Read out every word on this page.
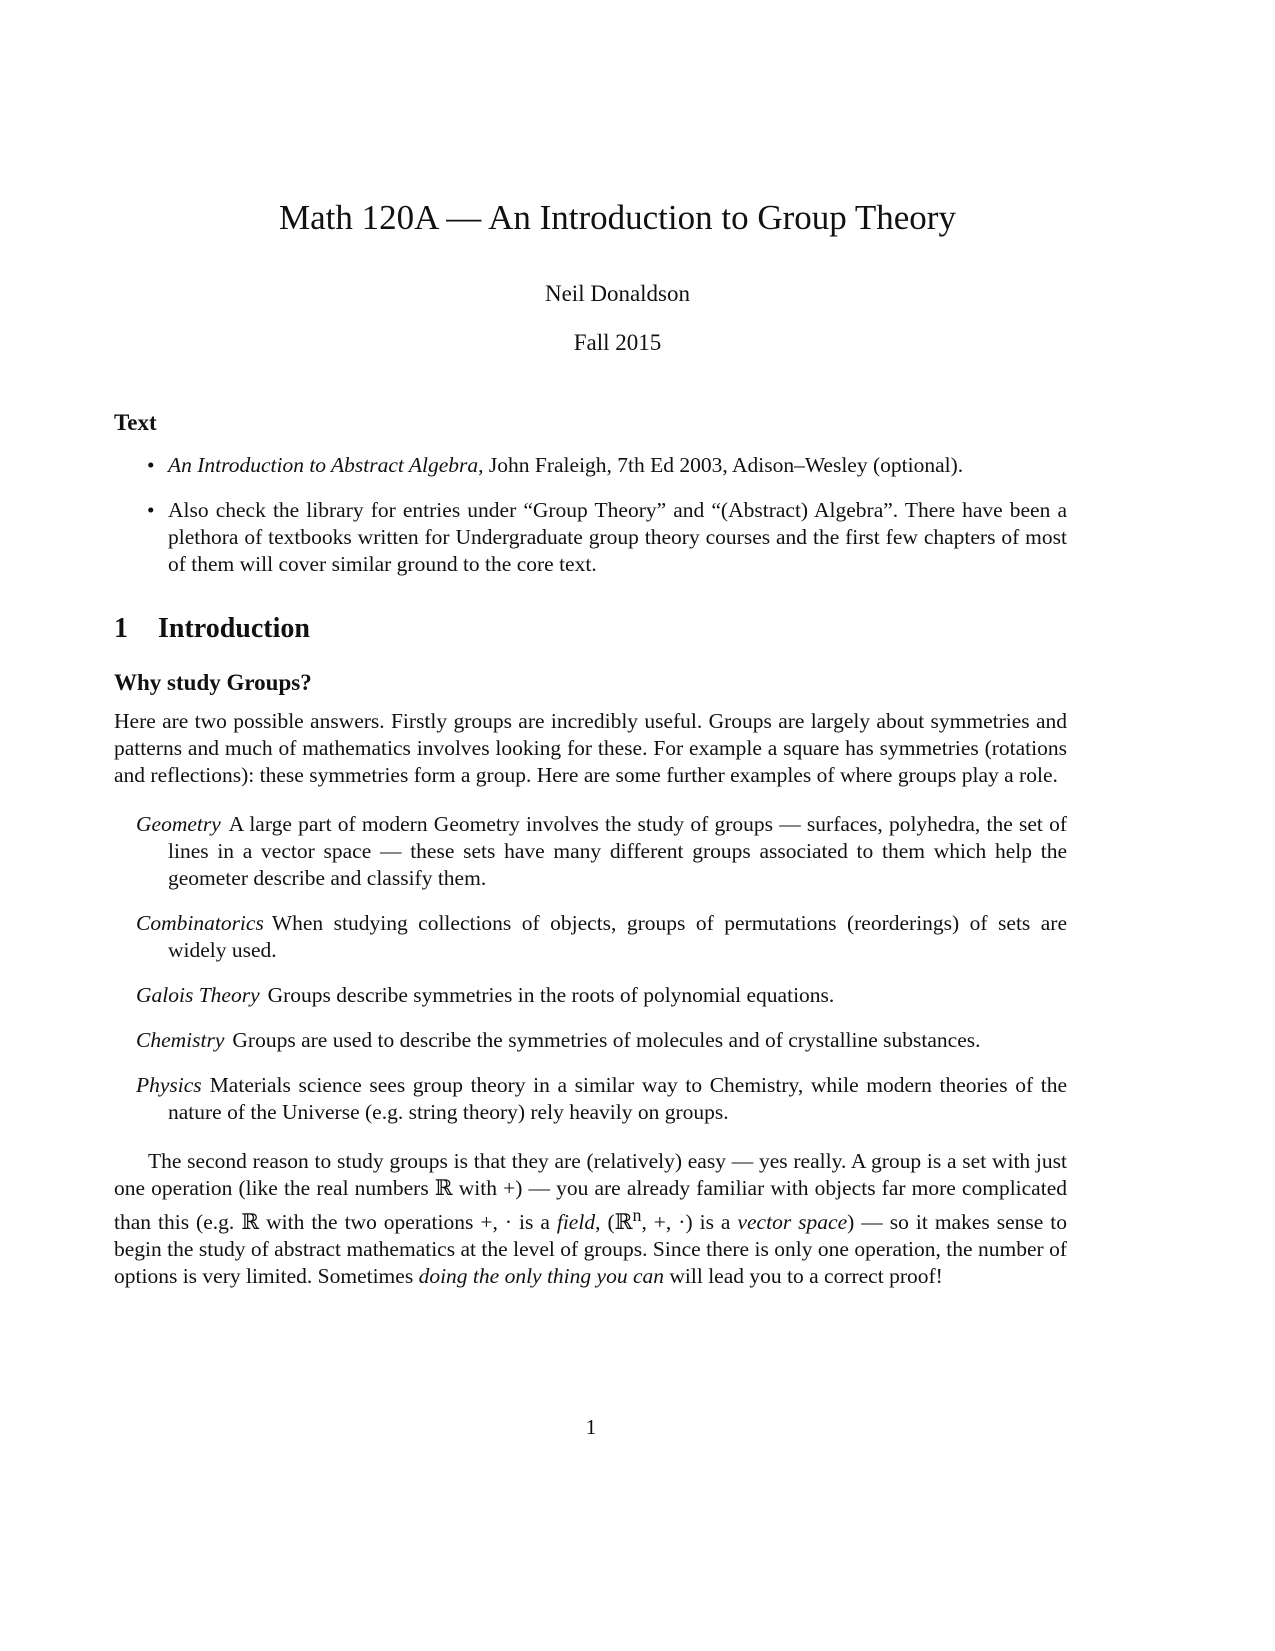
Math 120A — An Introduction to Group Theory
Neil Donaldson
Fall 2015
Text
• An Introduction to Abstract Algebra, John Fraleigh, 7th Ed 2003, Adison–Wesley (optional).
• Also check the library for entries under “Group Theory” and “(Abstract) Algebra”. There have been a plethora of textbooks written for Undergraduate group theory courses and the first few chapters of most of them will cover similar ground to the core text.
1 Introduction
Why study Groups?

Here are two possible answers. Firstly groups are incredibly useful. Groups are largely about symmetries and patterns and much of mathematics involves looking for these. For example a square has symmetries (rotations and reflections): these symmetries form a group. Here are some further examples of where groups play a role.

Geometry A large part of modern Geometry involves the study of groups — surfaces, polyhedra, the set of lines in a vector space — these sets have many different groups associated to them which help the geometer describe and classify them.
Combinatorics When studying collections of objects, groups of permutations (reorderings) of sets are widely used.
Galois Theory Groups describe symmetries in the roots of polynomial equations.
Chemistry Groups are used to describe the symmetries of molecules and of crystalline substances.
Physics Materials science sees group theory in a similar way to Chemistry, while modern theories of the nature of the Universe (e.g. string theory) rely heavily on groups.

The second reason to study groups is that they are (relatively) easy — yes really. A group is a set with just one operation (like the real numbers ℝ with +) — you are already familiar with objects far more complicated than this (e.g. ℝ with the two operations +, · is a field, (ℝ$^n$, +, ·) is a vector space) — so it makes sense to begin the study of abstract mathematics at the level of groups. Since there is only one operation, the number of options is very limited. Sometimes doing the only thing you can will lead you to a correct proof!

1
